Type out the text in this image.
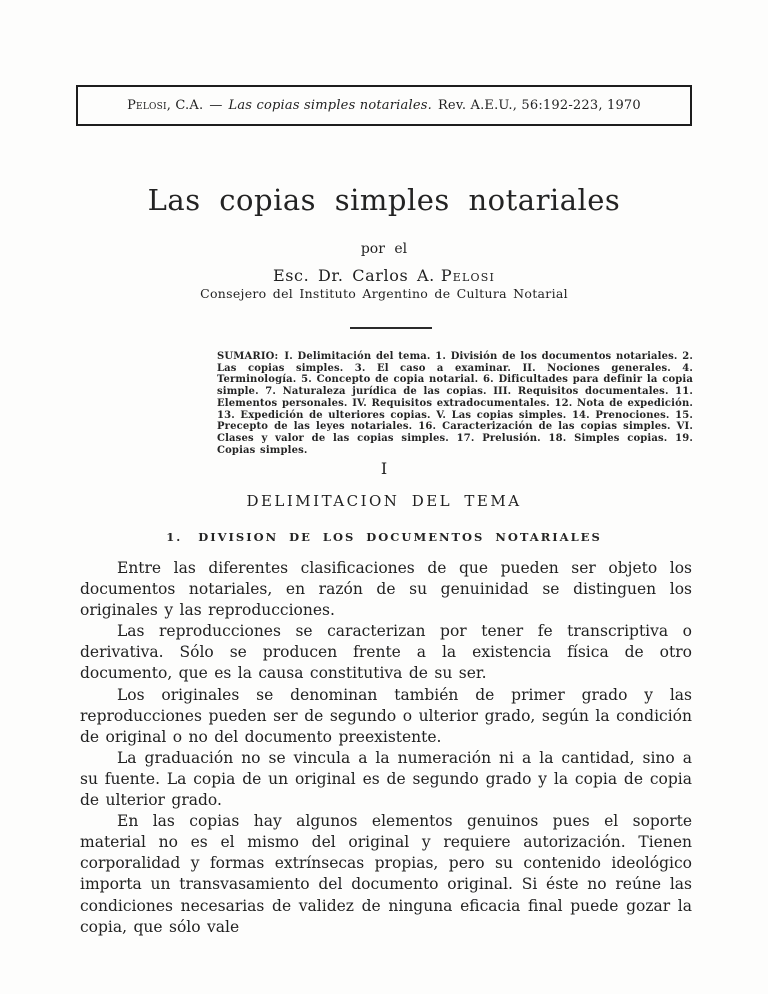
Pelosi, C.A. — Las copias simples notariales. Rev. A.E.U., 56:192-223, 1970
Las copias simples notariales
por el
Esc. Dr. Carlos A. Pelosi
Consejero del Instituto Argentino de Cultura Notarial
SUMARIO: I. Delimitación del tema. 1. División de los documentos notariales. 2. Las copias simples. 3. El caso a examinar. II. Nociones generales. 4. Terminología. 5. Concepto de copia notarial. 6. Dificultades para definir la copia simple. 7. Naturaleza jurídica de las copias. III. Requisitos documentales. 11. Elementos personales. IV. Requisitos extradocumentales. 12. Nota de expedición. 13. Expedición de ulteriores copias. V. Las copias simples. 14. Prenociones. 15. Precepto de las leyes notariales. 16. Caracterización de las copias simples. VI. Clases y valor de las copias simples. 17. Prelusión. 18. Simples copias. 19. Copias simples.
I
DELIMITACION DEL TEMA
1. DIVISION DE LOS DOCUMENTOS NOTARIALES

Entre las diferentes clasificaciones de que pueden ser objeto los documentos notariales, en razón de su genuinidad se distinguen los originales y las reproducciones.

Las reproducciones se caracterizan por tener fe transcriptiva o derivativa. Sólo se producen frente a la existencia física de otro documento, que es la causa constitutiva de su ser.

Los originales se denominan también de primer grado y las reproducciones pueden ser de segundo o ulterior grado, según la condición de original o no del documento preexistente.

La graduación no se vincula a la numeración ni a la cantidad, sino a su fuente. La copia de un original es de segundo grado y la copia de copia de ulterior grado.

En las copias hay algunos elementos genuinos pues el soporte material no es el mismo del original y requiere autorización. Tienen corporalidad y formas extrínsecas propias, pero su contenido ideológico importa un transvasamiento del documento original. Si éste no reúne las condiciones necesarias de validez de ninguna eficacia final puede gozar la copia, que sólo vale
